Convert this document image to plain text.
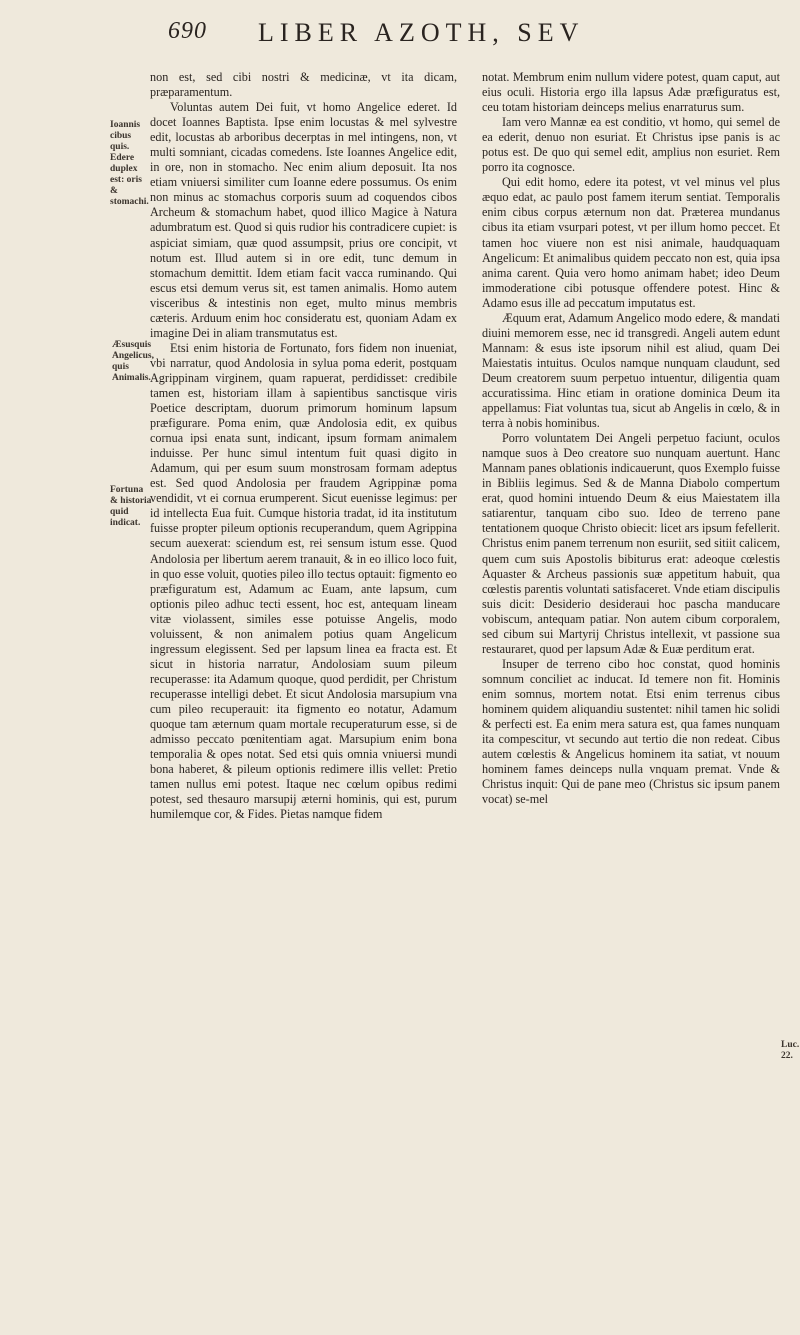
690 LIBER AZOTH, SEV
Ioannis cibus quis. Edere duplex est: oris & stomachi.
Æsusquis Angelicus, quis Animalis.
Fortuna & historia quid indicat.
Luc. 22.

non est, sed cibi nostri & medicinæ, vt ita dicam, præparamentum.

Voluntas autem Dei fuit, vt homo Angelice ederet. Id docet Ioannes Baptista. Ipse enim locustas & mel sylvestre edit, locustas ab arboribus decerptas in mel intingens, non, vt multi somniant, cicadas comedens. Iste Ioannes Angelice edit, in ore, non in stomacho. Nec enim alium deposuit. Ita nos etiam vniuersi similiter cum Ioanne edere possumus. Os enim non minus ac stomachus corporis suum ad coquendos cibos Archeum & stomachum habet, quod illico Magice à Natura adumbratum est. Quod si quis rudior his contradicere cupiet: is aspiciat simiam, quæ quod assumpsit, prius ore concipit, vt notum est. Illud autem si in ore edit, tunc demum in stomachum demittit. Idem etiam facit vacca ruminando. Qui escus etsi demum verus sit, est tamen animalis. Homo autem visceribus & intestinis non eget, multo minus membris cæteris. Arduum enim hoc consideratu est, quoniam Adam ex imagine Dei in aliam transmutatus est.

Etsi enim historia de Fortunato, fors fidem non inueniat, vbi narratur, quod Andolosia in sylua poma ederit, postquam Agrippinam virginem, quam rapuerat, perdidisset: credibile tamen est, historiam illam à sapientibus sanctisque viris Poetice descriptam, duorum primorum hominum lapsum præfigurare. Poma enim, quæ Andolosia edit, ex quibus cornua ipsi enata sunt, indicant, ipsum formam animalem induisse. Per hunc simul intentum fuit quasi digito in Adamum, qui per esum suum monstrosam formam adeptus est. Sed quod Andolosia per fraudem Agrippinæ poma vendidit, vt ei cornua erumperent. Sicut euenisse legimus: per id intellecta Eua fuit. Cumque historia tradat, id ita institutum fuisse propter pileum optionis recuperandum, quem Agrippina secum auexerat: sciendum est, rei sensum istum esse. Quod Andolosia per libertum aerem tranauit, & in eo illico loco fuit, in quo esse voluit, quoties pileo illo tectus optauit: figmento eo præfiguratum est, Adamum ac Euam, ante lapsum, cum optionis pileo adhuc tecti essent, hoc est, antequam lineam vitæ violassent, similes esse potuisse Angelis, modo voluissent, & non animalem potius quam Angelicum ingressum elegissent. Sed per lapsum linea ea fracta est. Et sicut in historia narratur, Andolosiam suum pileum recuperasse: ita Adamum quoque, quod perdidit, per Christum recuperasse intelligi debet. Et sicut Andolosia marsupium vna cum pileo recuperauit: ita figmento eo notatur, Adamum quoque tam æternum quam mortale recuperaturum esse, si de admisso peccato pœnitentiam agat. Marsupium enim bona temporalia & opes notat. Sed etsi quis omnia vniuersi mundi bona haberet, & pileum optionis redimere illis vellet: Pretio tamen nullus emi potest. Itaque nec cœlum opibus redimi potest, sed thesauro marsupij æterni hominis, qui est, purum humilemque cor, & Fides. Pietas namque fidem

notat. Membrum enim nullum videre potest, quam caput, aut eius oculi. Historia ergo illa lapsus Adæ præfiguratus est, ceu totam historiam deinceps melius enarraturus sum.

Iam vero Mannæ ea est conditio, vt homo, qui semel de ea ederit, denuo non esuriat. Et Christus ipse panis is ac potus est. De quo qui semel edit, amplius non esuriet. Rem porro ita cognosce.

Qui edit homo, edere ita potest, vt vel minus vel plus æquo edat, ac paulo post famem iterum sentiat. Temporalis enim cibus corpus æternum non dat. Præterea mundanus cibus ita etiam vsurpari potest, vt per illum homo peccet. Et tamen hoc viuere non est nisi animale, haudquaquam Angelicum: Et animalibus quidem peccato non est, quia ipsa anima carent. Quia vero homo animam habet; ideo Deum immoderatione cibi potusque offendere potest. Hinc & Adamo esus ille ad peccatum imputatus est.

Æquum erat, Adamum Angelico modo edere, & mandati diuini memorem esse, nec id transgredi. Angeli autem edunt Mannam: & esus iste ipsorum nihil est aliud, quam Dei Maiestatis intuitus. Oculos namque nunquam claudunt, sed Deum creatorem suum perpetuo intuentur, diligentia quam accuratissima. Hinc etiam in oratione dominica Deum ita appellamus: Fiat voluntas tua, sicut ab Angelis in cœlo, & in terra à nobis hominibus.

Porro voluntatem Dei Angeli perpetuo faciunt, oculos namque suos à Deo creatore suo nunquam auertunt. Hanc Mannam panes oblationis indicauerunt, quos Exemplo fuisse in Bibliis legimus. Sed & de Manna Diabolo compertum erat, quod homini intuendo Deum & eius Maiestatem illa satiarentur, tanquam cibo suo. Ideo de terreno pane tentationem quoque Christo obiecit: licet ars ipsum fefellerit. Christus enim panem terrenum non esuriit, sed sitiit calicem, quem cum suis Apostolis bibiturus erat: adeoque cœlestis Aquaster & Archeus passionis suæ appetitum habuit, qua cœlestis parentis voluntati satisfaceret. Vnde etiam discipulis suis dicit: Desiderio desideraui hoc pascha manducare vobiscum, antequam patiar. Non autem cibum corporalem, sed cibum sui Martyrij Christus intellexit, vt passione sua restauraret, quod per lapsum Adæ & Euæ perditum erat.

Insuper de terreno cibo hoc constat, quod hominis somnum conciliet ac inducat. Id temere non fit. Hominis enim somnus, mortem notat. Etsi enim terrenus cibus hominem quidem aliquandiu sustentet: nihil tamen hic solidi & perfecti est. Ea enim mera satura est, qua fames nunquam ita compescitur, vt secundo aut tertio die non redeat. Cibus autem cœlestis & Angelicus hominem ita satiat, vt nouum hominem fames deinceps nulla vnquam premat. Vnde & Christus inquit: Qui de pane meo (Christus sic ipsum panem vocat) se-mel
